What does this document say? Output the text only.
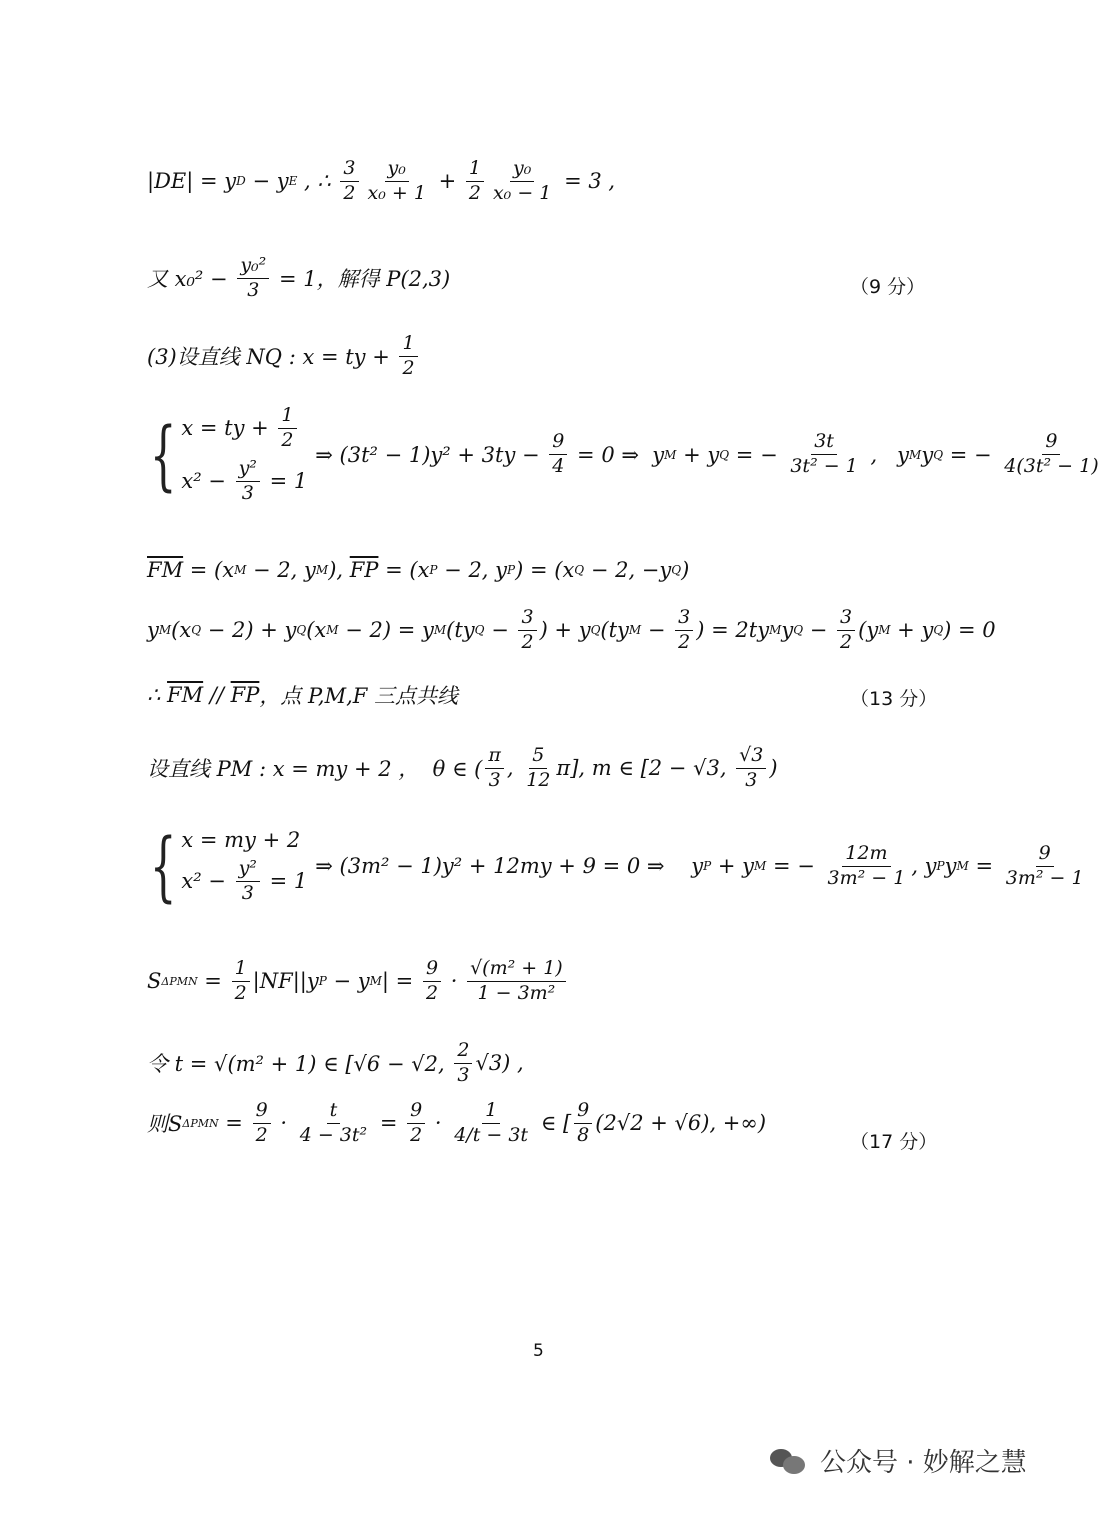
|DE| = y D − y E , ∴ $\frac{3}{2} \frac{\text{y₀}}{\text{x₀ + 1}} + \frac{1}{2} \frac{\text{y₀}}{\text{x₀ − 1}} = 3$ ,
又 $x_0^2 - \frac{\text{y₀²}}{3} = 1$，解得 P(2,3)	（9 分）
(3)设直线 NQ : x = ty + $\frac{1}{2}$
{ x = ty + $\frac{1}{2}$
$x^2 - \frac{\text{y²}}{3} = 1$
⇒ $(3t^2 - 1)y^2 + 3ty - \frac{9}{4} = 0$ ⇒  y M + y Q = − $\frac{3t}{\text{3t² − 1}}$ ,   y M y Q = − $\frac{9}{\text{4(3t² − 1)}}$
$\overline{FM} = (x$ M − 2, y M ), $\overline{FP} = (x$ P − 2, y P ) = (x Q − 2, −y Q )
y M (x Q − 2) + y Q (x M − 2) = y M (ty $Q - \frac{3}{2}$ ) + y Q (ty $M - \frac{3}{2}$ ) = 2ty M y $Q - \frac{3}{2} (y$ M + y Q ) = 0
∴ $\overline{FM} // \overline{FP}$ ，点 P,M,F 三点共线	（13 分）
设直线 PM : x = my + 2 ，  θ ∈ ( $\frac{\pi}{3}$ , $\frac{5}{12} \pi$], m ∈ [2 − √3, $\frac{√3}{3}$ )
{ x = my + 2
$x^2 - \frac{\text{y²}}{3} = 1$
⇒ (3m² − 1)y² + 12my + 9 = 0 ⇒    y P + y M = − $\frac{12m}{\text{3m² − 1}}$ , y P y $M = \frac{9}{\text{3m² − 1}}$
S $\Delta PMN = \frac{1}{2} |NF||y$ P − y M | = $\frac{9}{2} \cdot \frac{\text{√(m² + 1)}}{\text{1 − 3m²}}$
令 t = √(m² + 1) ∈ [√6 − √2, $\frac{2}{3} √3$) ,
则S $\Delta PMN = \frac{9}{2} \cdot \frac{t}{\text{4 − 3t²}} = \frac{9}{2} \cdot \frac{1}{4/t - 3t}$ ∈ [ $\frac{9}{8} (2√2 + √6)$, +∞)
（17 分）
5
公众号 · 妙解之慧
